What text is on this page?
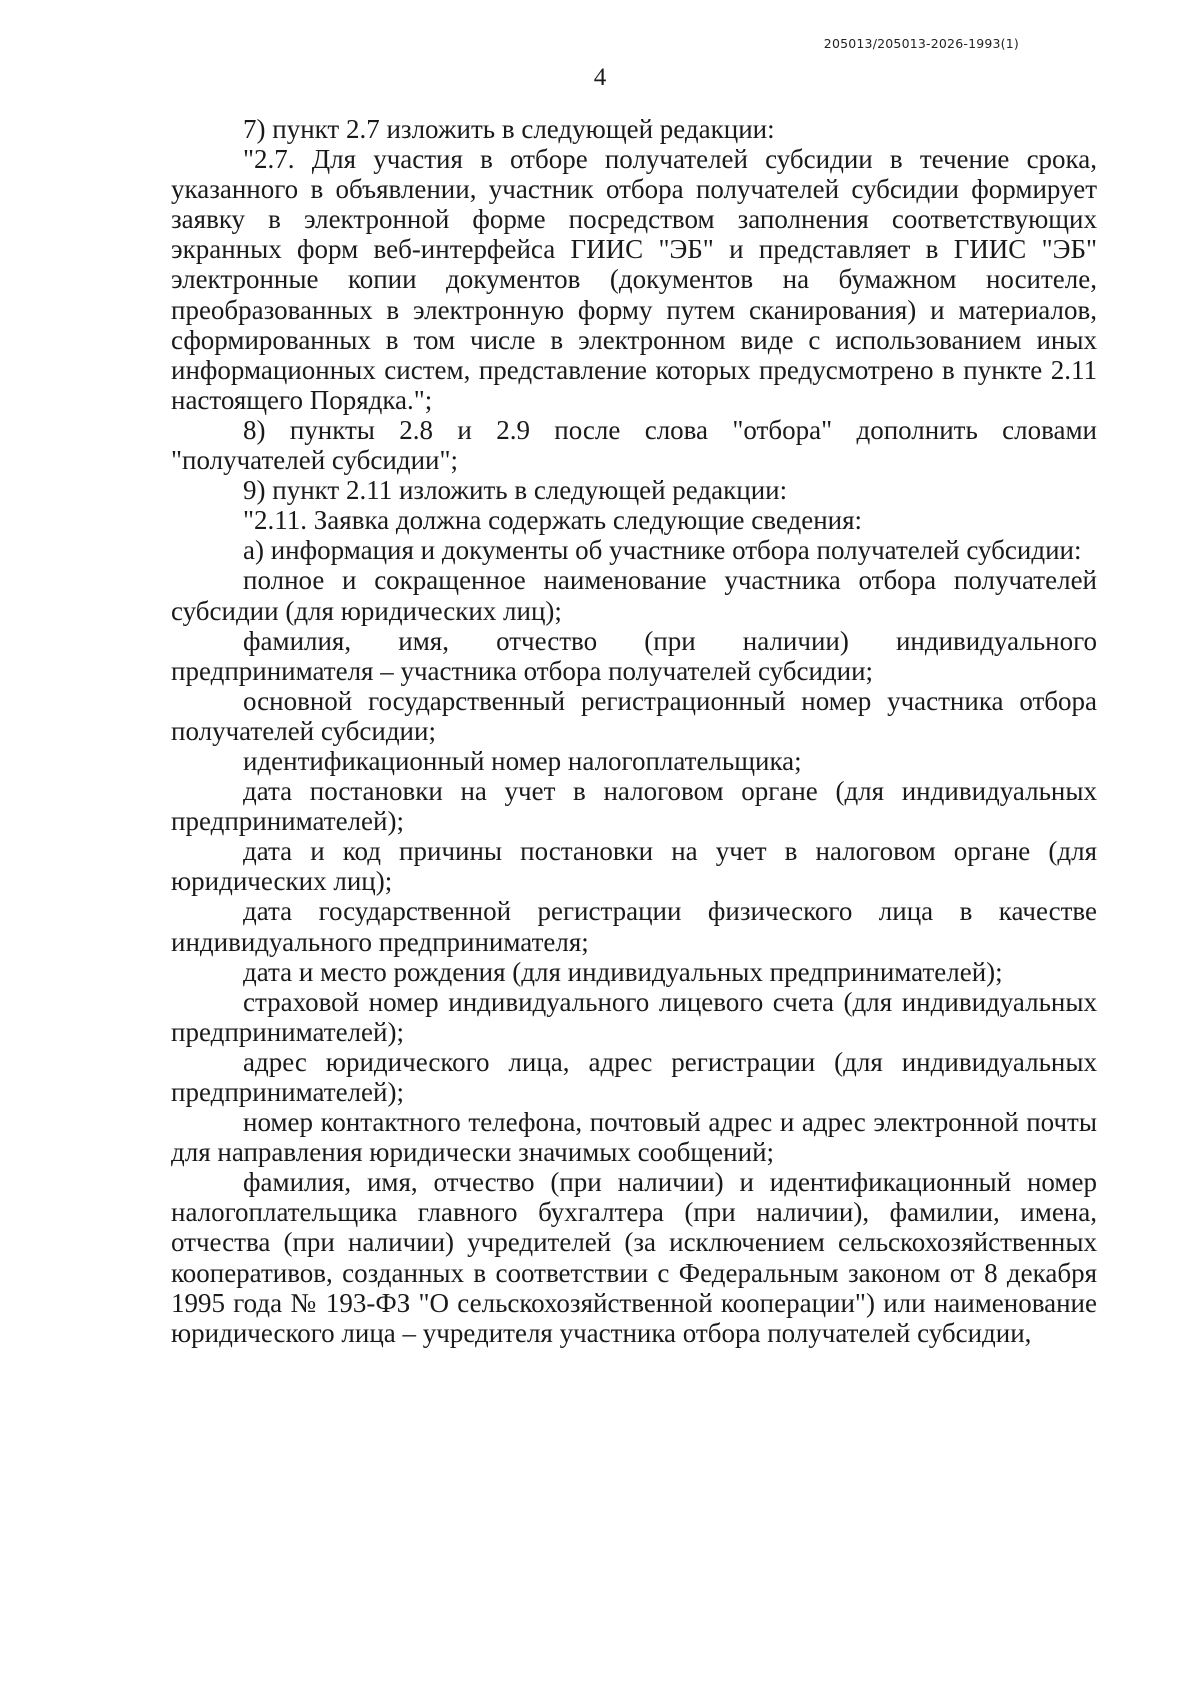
205013/205013-2026-1993(1)
4

7) пункт 2.7 изложить в следующей редакции:

"2.7. Для участия в отборе получателей субсидии в течение срока, указанного в объявлении, участник отбора получателей субсидии формирует заявку в электронной форме посредством заполнения соответствующих экранных форм веб-интерфейса ГИИС "ЭБ" и представляет в ГИИС "ЭБ" электронные копии документов (документов на бумажном носителе, преобразованных в электронную форму путем сканирования) и материалов, сформированных в том числе в электронном виде с использованием иных информационных систем, представление которых предусмотрено в пункте 2.11 настоящего Порядка.";

8) пункты 2.8 и 2.9 после слова "отбора" дополнить словами "получателей субсидии";

9) пункт 2.11 изложить в следующей редакции:

"2.11. Заявка должна содержать следующие сведения:

а) информация и документы об участнике отбора получателей субсидии:

полное и сокращенное наименование участника отбора получателей субсидии (для юридических лиц);

фамилия, имя, отчество (при наличии) индивидуального предпринимателя – участника отбора получателей субсидии;

основной государственный регистрационный номер участника отбора получателей субсидии;

идентификационный номер налогоплательщика;

дата постановки на учет в налоговом органе (для индивидуальных предпринимателей);

дата и код причины постановки на учет в налоговом органе (для юридических лиц);

дата государственной регистрации физического лица в качестве индивидуального предпринимателя;

дата и место рождения (для индивидуальных предпринимателей);

страховой номер индивидуального лицевого счета (для индивидуальных предпринимателей);

адрес юридического лица, адрес регистрации (для индивидуальных предпринимателей);

номер контактного телефона, почтовый адрес и адрес электронной почты для направления юридически значимых сообщений;

фамилия, имя, отчество (при наличии) и идентификационный номер налогоплательщика главного бухгалтера (при наличии), фамилии, имена, отчества (при наличии) учредителей (за исключением сельскохозяйственных кооперативов, созданных в соответствии с Федеральным законом от 8 декабря 1995 года № 193-ФЗ "О сельскохозяйственной кооперации") или наименование юридического лица – учредителя участника отбора получателей субсидии,
